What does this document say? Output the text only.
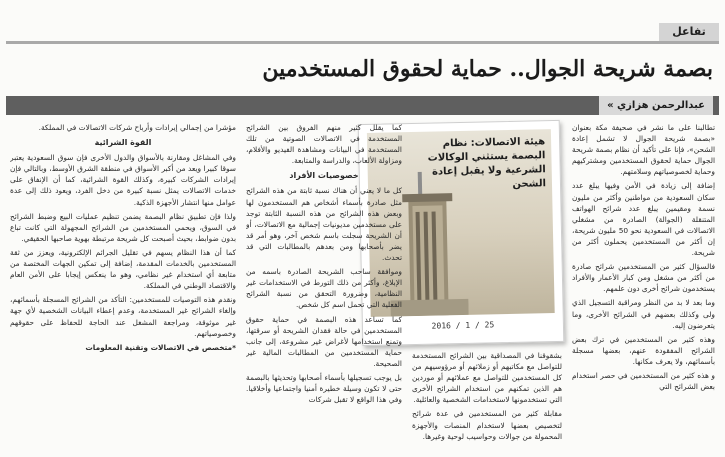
تفاعل
بصمة شريحة الجوال.. حماية لحقوق المستخدمين
عبدالرحمن هزازي »

تطالبنا على ما نشر في صحيفة مكة بعنوان «بصمة شريحة الجوال لا تشمل إعادة الشحن»، فإنا على تأكيد أن نظام بصمة شريحة الجوال حماية لحقوق المستخدمين ومشتركيهم وحماية لخصوصياتهم وسلامتهم.

إضافة إلى زيادة في الأمن وفيها يبلغ عدد سكان السعودية من مواطنين وأكثر من مليون نسمة ومقيمين يبلغ عدد شرائح الهواتف المتنقلة (الجوالة) الصادرة من مشغلي الاتصالات في السعودية نحو 50 مليون شريحة، إن أكثر من المستخدمين يحملون أكثر من شريحة.

فالسؤال كثير من المستخدمين شرائح صادرة من أكثر من مشغل ومن كبار الأعمار والأفراد يستخدمون شرائح أخرى دون علمهم.

وما بعد لا بد من النظر ومراقبة التسجيل الذي ولى وكذلك بعضهم في الشرائح الأخرى، وما يتعرضون إليه.

وهذه كثير من المستخدمين في ترك بعض الشرائح المفقودة عنهم، بعضها مسجلة بأسمائهم، ولا يعرف مكانها.

و هذه كثير من المستخدمين في حصر استخدام بعض الشرائح التي

هيئة الاتصالات: نظام البصمة يستثني الوكالات الشرعية ولا يقبل إعادة الشحن
2016 / 1 / 25

بشقوقنا في المصداقية بين الشرائح المستخدمة للتواصل مع مكاتبهم أو زملائهم أو مرؤوسيهم من كل المستخدمين للتواصل مع عملائهم أو موردين هم الذين تمكنهم من استخدام الشرائح الأخرى التي تستخدمونها لاستخدامات الشخصية والعائلية.

مقابلة كثير من المستخدمين في عدة شرائح لتخصيص بعضها لاستخدام المنصات والأجهزة المحمولة من جوالات وحواسيب لوحية وغيرها.

كما يقلل كثير منهم الفروق بين الشرائح المستخدمة في الاتصالات الصوتية من تلك المستخدمة في البيانات ومشاهدة الفيديو والأفلام، ومزاولة الألعاب، والدراسة والمتابعة.

خصوصيات الأفراد

كل ما لا يعني أن هناك نسبة ثابتة من هذه الشرائح مثل صادرة بأسماء أشخاص هم المستخدمون لها وبعض هذه الشرائح من هذه النسبة الثابتة توجد على مستخدمين مديونيات إجمالية مع الاتصالات، أو أن الشريحة سجلت باسم شخص آخر، وهو أمر قد يضر بأصحابها ومن بعدهم بالمطالبات التي قد تحدث.

وموافقة ساحب الشريحة الصادرة باسمه من الإبلاغ، وأكثر من ذلك التورط في الاستخدامات غير النظامية، وضرورة التحقق من نسبة الشرائح الفعلية التي تحمل اسم كل شخص.

كما تساعد هذه البصمة في حماية حقوق المستخدمين في حالة فقدان الشريحة أو سرقتها، وتمنع استخدامها لأغراض غير مشروعة، إلى جانب حماية المستخدمين من المطالبات المالية غير الصحيحة.

بل يوجب تسجيلها بأسماء أصحابها وتحديثها بالبصمة حتى لا تكون وسيلة خطيرة أمنيا واجتماعيا وأخلاقيا. وفي هذا الواقع لا تقبل شركات

مؤشرا من إجمالي إيرادات وأرباح شركات الاتصالات في المملكة.

القوة الشرائية

وفي المشاغل ومقارنة بالأسواق والدول الأخرى فإن سوق السعودية يعتبر سوقا كبيرا ويعد من أكبر الأسواق في منطقة الشرق الأوسط، وبالتالي فإن إيرادات الشركات كبيرة، وكذلك القوة الشرائية، كما أن الإنفاق على خدمات الاتصالات يمثل نسبة كبيرة من دخل الفرد، ويعود ذلك إلى عدة عوامل منها انتشار الأجهزة الذكية.

ولذا فإن تطبيق نظام البصمة يضمن تنظيم عمليات البيع وضبط الشرائح في السوق، ويحمي المستخدمين من الشرائح المجهولة التي كانت تباع بدون ضوابط، بحيث أصبحت كل شريحة مرتبطة بهوية صاحبها الحقيقي.

كما أن هذا النظام يسهم في تقليل الجرائم الإلكترونية، ويعزز من ثقة المستخدمين بالخدمات المقدمة، إضافة إلى تمكين الجهات المختصة من متابعة أي استخدام غير نظامي، وهو ما ينعكس إيجابا على الأمن العام والاقتصاد الوطني في المملكة.

ونقدم هذه التوصيات للمستخدمين: التأكد من الشرائح المسجلة بأسمائهم، وإلغاء الشرائح غير المستخدمة، وعدم إعطاء البيانات الشخصية لأي جهة غير موثوقة، ومراجعة المشغل عند الحاجة للحفاظ على حقوقهم وخصوصياتهم.

*متخصص في الاتصالات وتقنية المعلومات
